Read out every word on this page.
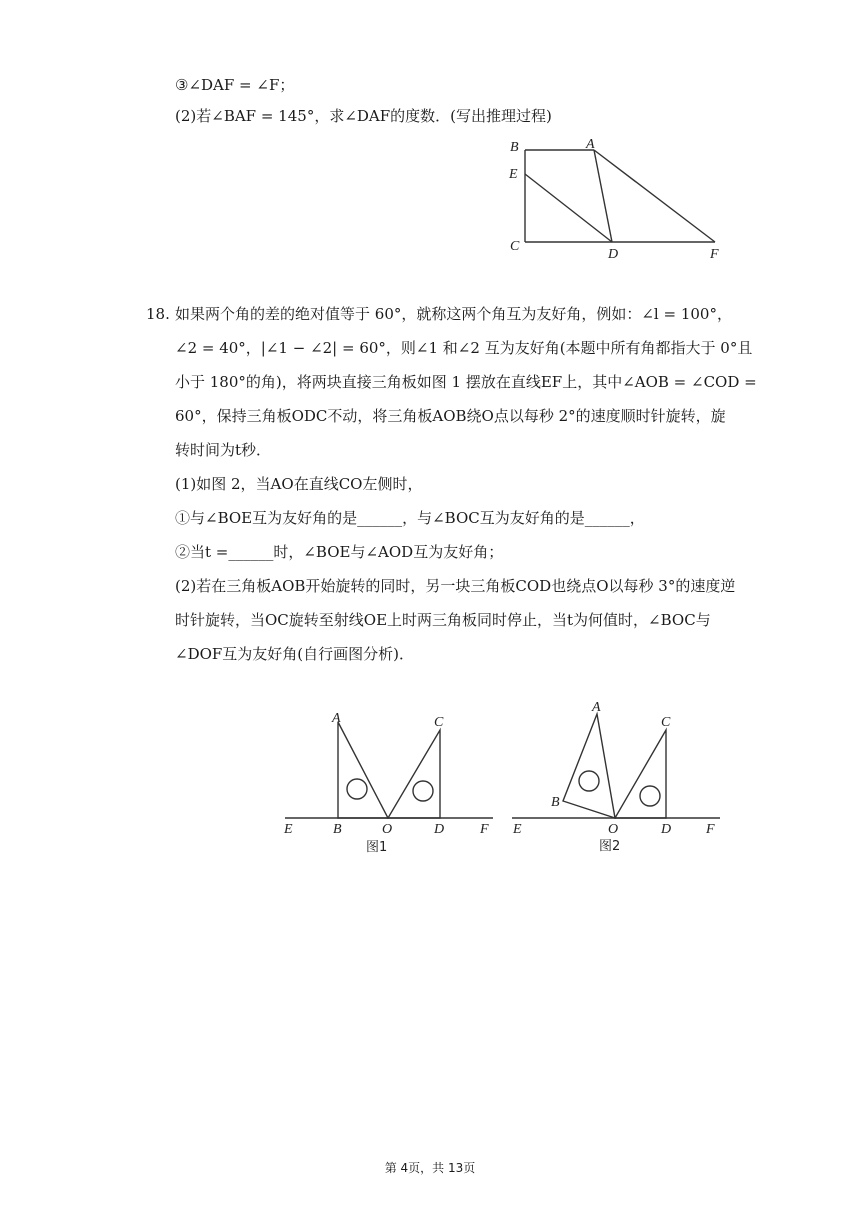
③∠DAF = ∠F；
(2)若∠BAF = 145°，求∠DAF的度数．(写出推理过程)
B	A
E
C
D	F
18. 如果两个角的差的绝对值等于 60°，就称这两个角互为友好角，例如：∠l = 100°，
∠2 = 40°，|∠1 − ∠2| = 60°，则∠1 和∠2 互为友好角(本题中所有角都指大于 0°且
小于 180°的角)，将两块直接三角板如图 1 摆放在直线EF上，其中∠AOB = ∠COD =
60°，保持三角板ODC不动，将三角板AOB绕O点以每秒 2°的速度顺时针旋转，旋
转时间为t秒．
(1)如图 2，当AO在直线CO左侧时，
①与∠BOE互为友好角的是______，与∠BOC互为友好角的是______，
②当t =______时，∠BOE与∠AOD互为友好角；
(2)若在三角板AOB开始旋转的同时，另一块三角板COD也绕点O以每秒 3°的速度逆
时针旋转，当OC旋转至射线OE上时两三角板同时停止，当t为何值时，∠BOC与
∠DOF互为友好角(自行画图分析)．
A	C
E	B	O	D	F
图1
A
C
B
E	O	D F
图2
第 4页，共 13页
